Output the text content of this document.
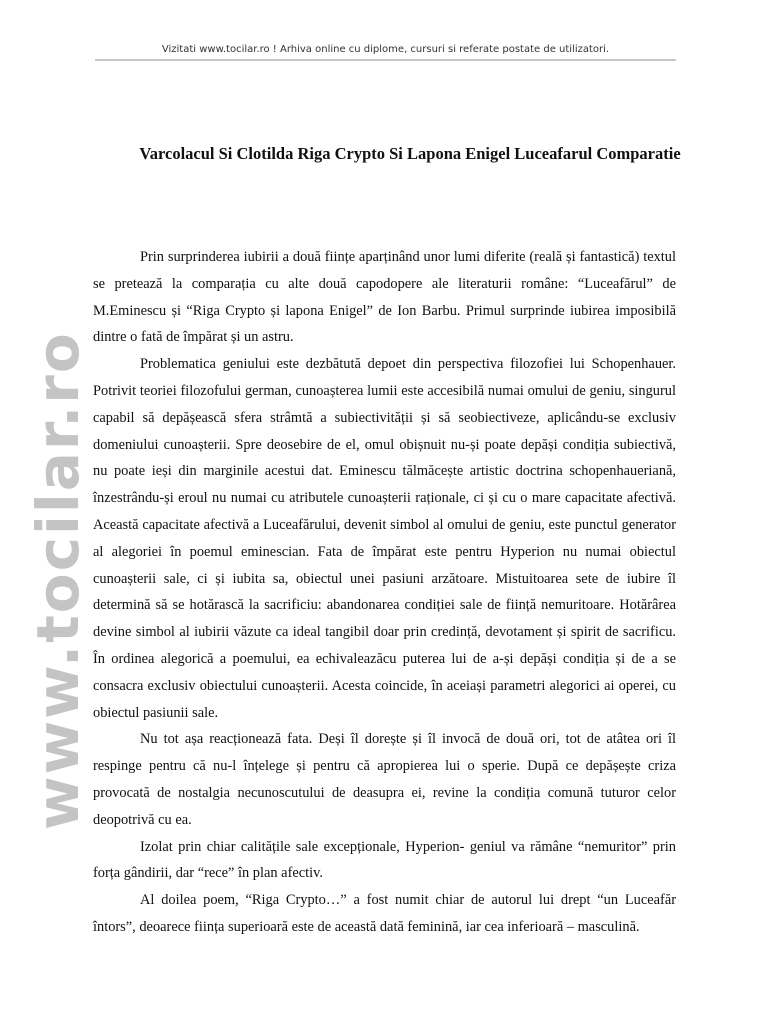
Vizitati www.tocilar.ro ! Arhiva online cu diplome, cursuri si referate postate de utilizatori.
www.tocilar.ro
Varcolacul Si Clotilda Riga Crypto Si Lapona Enigel Luceafarul Comparatie

Prin surprinderea iubirii a două ființe aparținând unor lumi diferite (reală și fantastică) textul se pretează la comparația cu alte două capodopere ale literaturii române: “Luceafărul” de M.Eminescu și “Riga Crypto și lapona Enigel” de Ion Barbu. Primul surprinde iubirea imposibilă dintre o fată de împărat și un astru.

Problematica geniului este dezbătută depoet din perspectiva filozofiei lui Schopenhauer. Potrivit teoriei filozofului german, cunoașterea lumii este accesibilă numai omului de geniu, singurul capabil să depășească sfera strâmtă a subiectivității și să seobiectiveze, aplicându-se exclusiv domeniului cunoașterii. Spre deosebire de el, omul obișnuit nu-și poate depăși condiția subiectivă, nu poate ieși din marginile acestui dat. Eminescu tălmăcește artistic doctrina schopenhaueriană, înzestrându-și eroul nu numai cu atributele cunoașterii raționale, ci și cu o mare capacitate afectivă. Această capacitate afectivă a Luceafărului, devenit simbol al omului de geniu, este punctul generator al alegoriei în poemul eminescian. Fata de împărat este pentru Hyperion nu numai obiectul cunoașterii sale, ci și iubita sa, obiectul unei pasiuni arzătoare. Mistuitoarea sete de iubire îl determină să se hotărască la sacrificiu: abandonarea condiției sale de ființă nemuritoare. Hotărârea devine simbol al iubirii văzute ca ideal tangibil doar prin credință, devotament și spirit de sacrificu. În ordinea alegorică a poemului, ea echivaleazăcu puterea lui de a-și depăși condiția și de a se consacra exclusiv obiectului cunoașterii. Acesta coincide, în aceiași parametri alegorici ai operei, cu obiectul pasiunii sale.

Nu tot așa reacționează fata. Deși îl dorește și îl invocă de două ori, tot de atâtea ori îl respinge pentru că nu-l înțelege și pentru că apropierea lui o sperie. După ce depășește criza provocată de nostalgia necunoscutului de deasupra ei, revine la condiția comună tuturor celor deopotrivă cu ea.

Izolat prin chiar calitățile sale excepționale, Hyperion- geniul va rămâne “nemuritor” prin forța gândirii, dar “rece” în plan afectiv.

Al doilea poem, “Riga Crypto…” a fost numit chiar de autorul lui drept “un Luceafăr întors”, deoarece ființa superioară este de această dată feminină, iar cea inferioară – masculină.
